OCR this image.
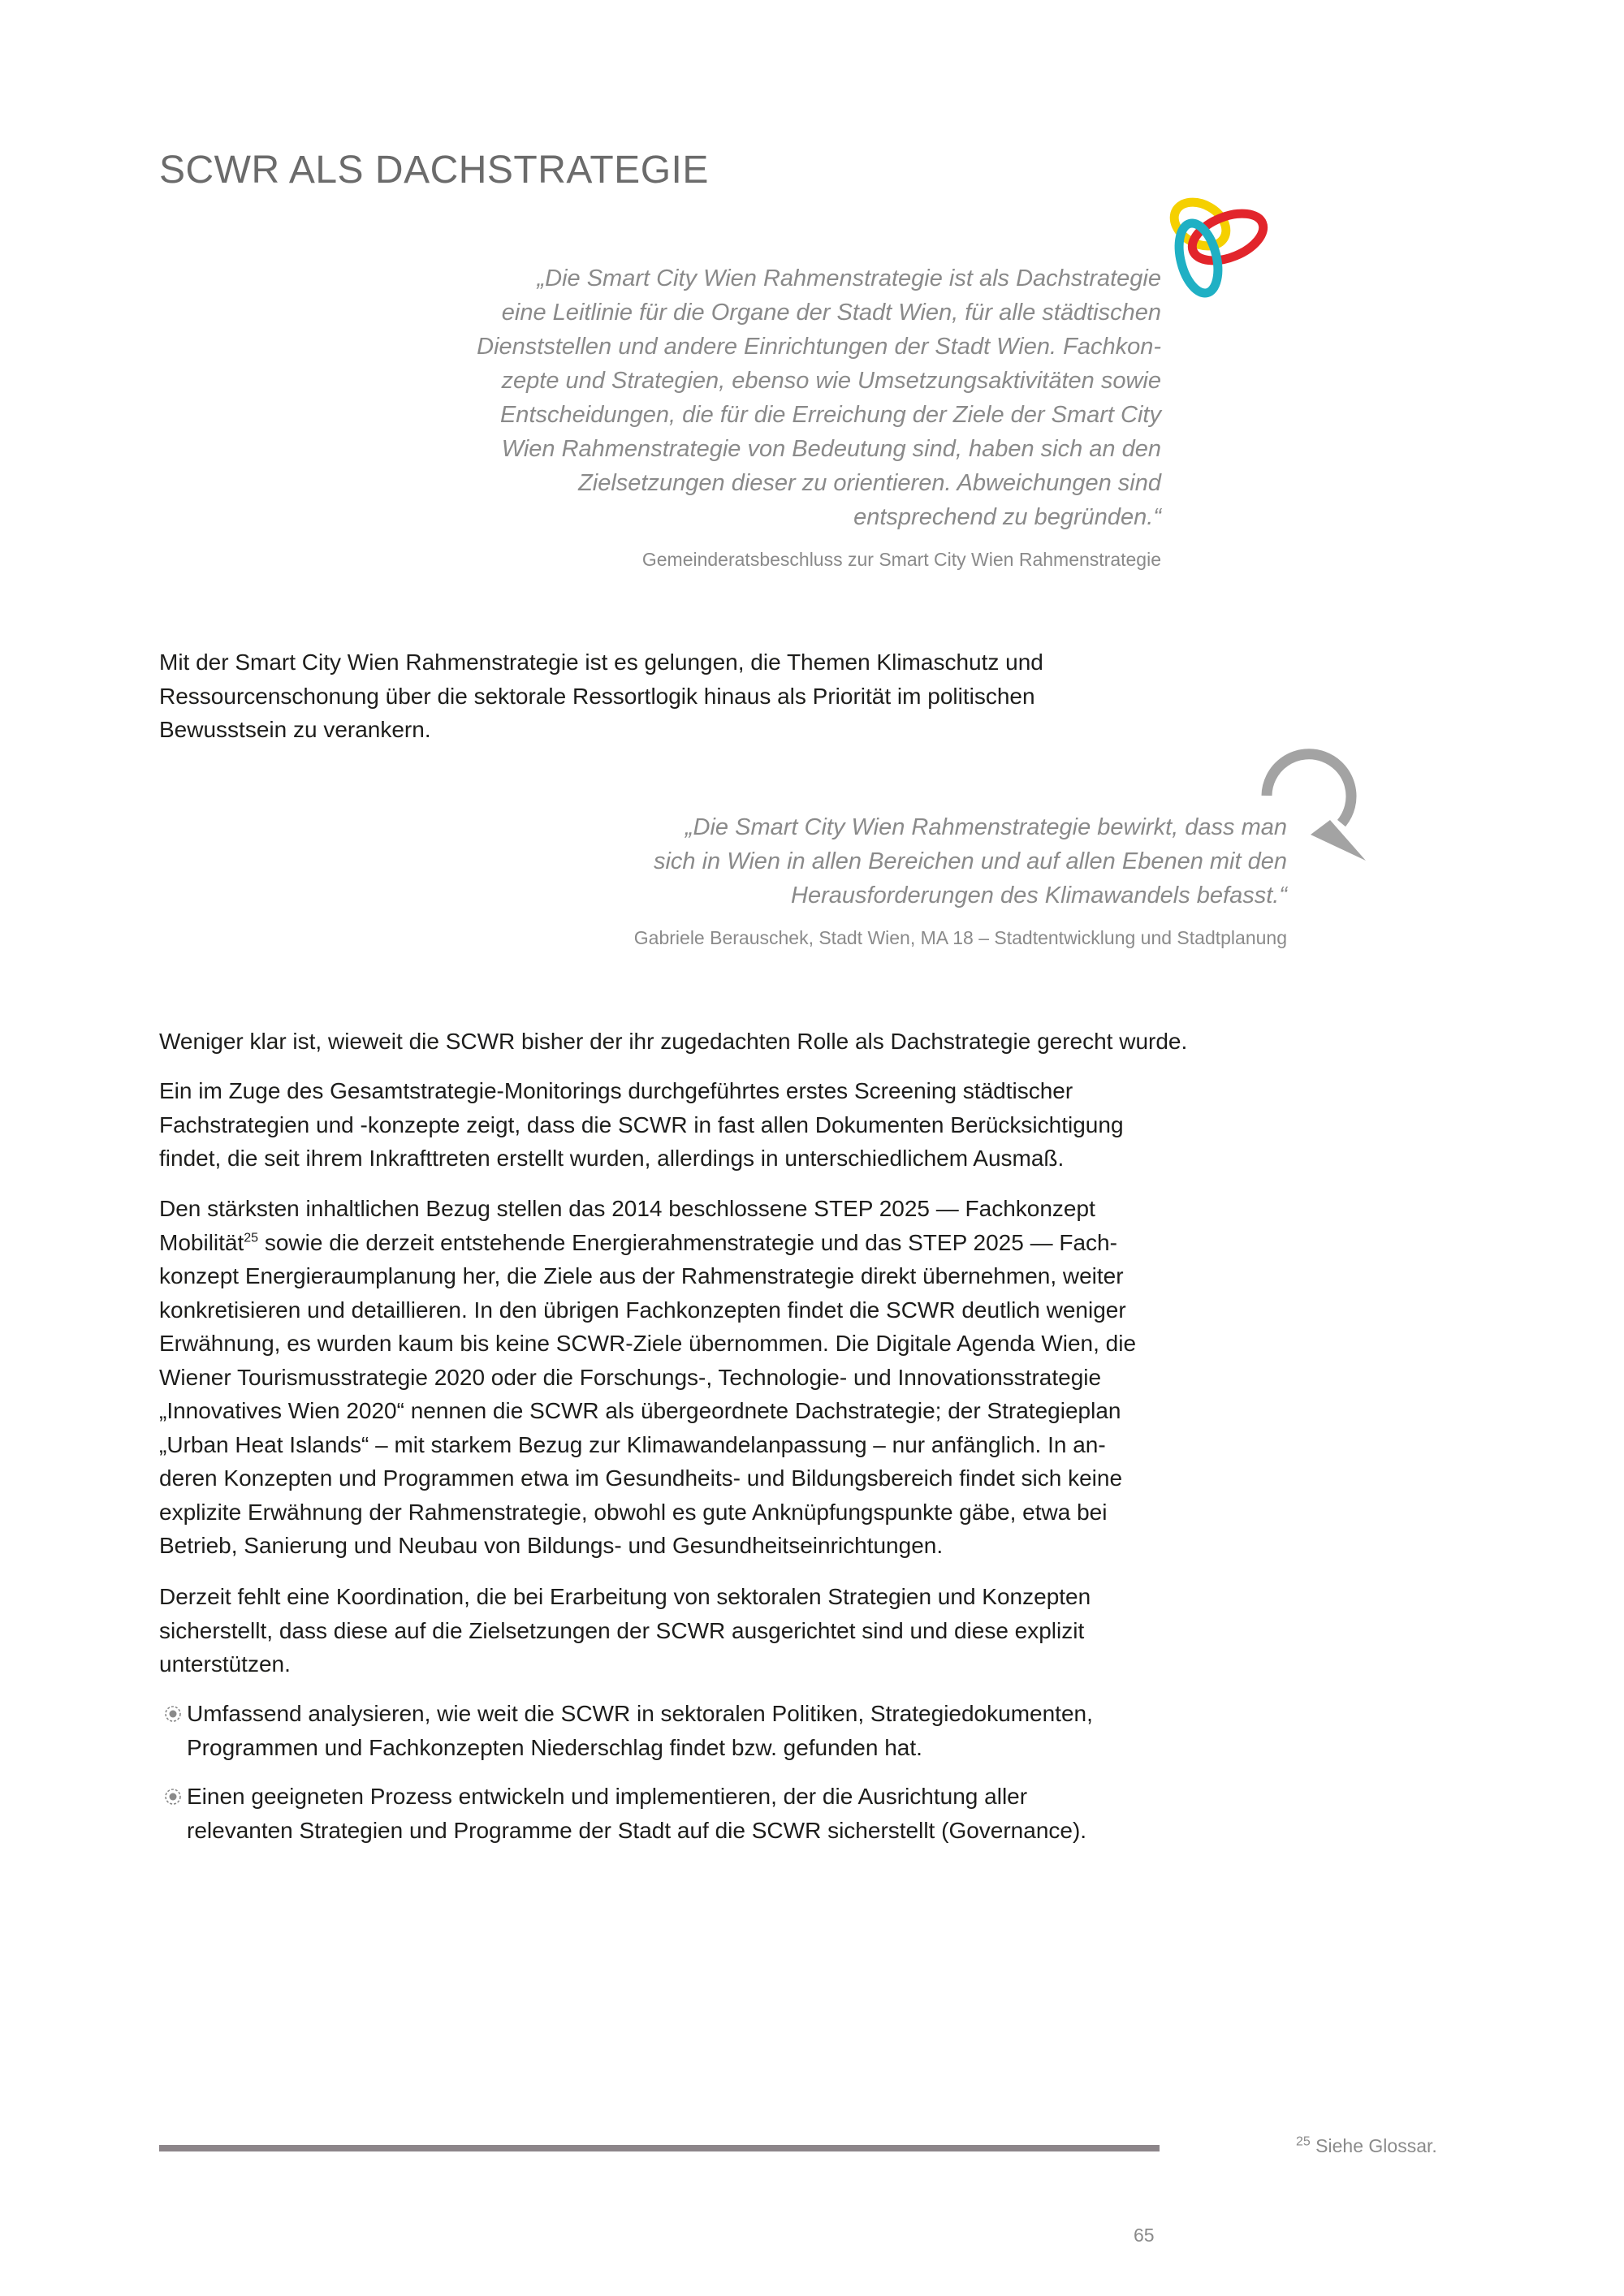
SCWR ALS DACHSTRATEGIE

„Die Smart City Wien Rahmenstrategie ist als Dachstrategie
eine Leitlinie für die Organe der Stadt Wien, für alle städtischen
Dienststellen und andere Einrichtungen der Stadt Wien. Fachkon-
zepte und Strategien, ebenso wie Umsetzungsaktivitäten sowie
Entscheidungen, die für die Erreichung der Ziele der Smart City
Wien Rahmenstrategie von Bedeutung sind, haben sich an den
Zielsetzungen dieser zu orientieren. Abweichungen sind
entsprechend zu begründen.“

Gemeinderatsbeschluss zur Smart City Wien Rahmenstrategie

Mit der Smart City Wien Rahmenstrategie ist es gelungen, die Themen Klimaschutz und
Ressourcenschonung über die sektorale Ressortlogik hinaus als Priorität im politischen
Bewusstsein zu verankern.

„Die Smart City Wien Rahmenstrategie bewirkt, dass man
sich in Wien in allen Bereichen und auf allen Ebenen mit den
Herausforderungen des Klimawandels befasst.“

Gabriele Berauschek, Stadt Wien, MA 18 – Stadtentwicklung und Stadtplanung

Weniger klar ist, wieweit die SCWR bisher der ihr zugedachten Rolle als Dachstrategie gerecht wurde.

Ein im Zuge des Gesamtstrategie-Monitorings durchgeführtes erstes Screening städtischer
Fachstrategien und -konzepte zeigt, dass die SCWR in fast allen Dokumenten Berücksichtigung
findet, die seit ihrem Inkrafttreten erstellt wurden, allerdings in unterschiedlichem Ausmaß.

Den stärksten inhaltlichen Bezug stellen das 2014 beschlossene STEP 2025 — Fachkonzept
Mobilität$^{25}$ sowie die derzeit entstehende Energierahmenstrategie und das STEP 2025 — Fach-
konzept Energieraumplanung her, die Ziele aus der Rahmenstrategie direkt übernehmen, weiter
konkretisieren und detaillieren. In den übrigen Fachkonzepten findet die SCWR deutlich weniger
Erwähnung, es wurden kaum bis keine SCWR-Ziele übernommen. Die Digitale Agenda Wien, die
Wiener Tourismusstrategie 2020 oder die Forschungs-, Technologie- und Innovationsstrategie
„Innovatives Wien 2020“ nennen die SCWR als übergeordnete Dachstrategie; der Strategieplan
„Urban Heat Islands“ – mit starkem Bezug zur Klimawandelanpassung – nur anfänglich. In an-
deren Konzepten und Programmen etwa im Gesundheits- und Bildungsbereich findet sich keine
explizite Erwähnung der Rahmenstrategie, obwohl es gute Anknüpfungspunkte gäbe, etwa bei
Betrieb, Sanierung und Neubau von Bildungs- und Gesundheitseinrichtungen.

Derzeit fehlt eine Koordination, die bei Erarbeitung von sektoralen Strategien und Konzepten
sicherstellt, dass diese auf die Zielsetzungen der SCWR ausgerichtet sind und diese explizit
unterstützen.

Umfassend analysieren, wie weit die SCWR in sektoralen Politiken, Strategiedokumenten,
Programmen und Fachkonzepten Niederschlag findet bzw. gefunden hat.

Einen geeigneten Prozess entwickeln und implementieren, der die Ausrichtung aller
relevanten Strategien und Programme der Stadt auf die SCWR sicherstellt (Governance).

$^{25}$ Siehe Glossar.
65
